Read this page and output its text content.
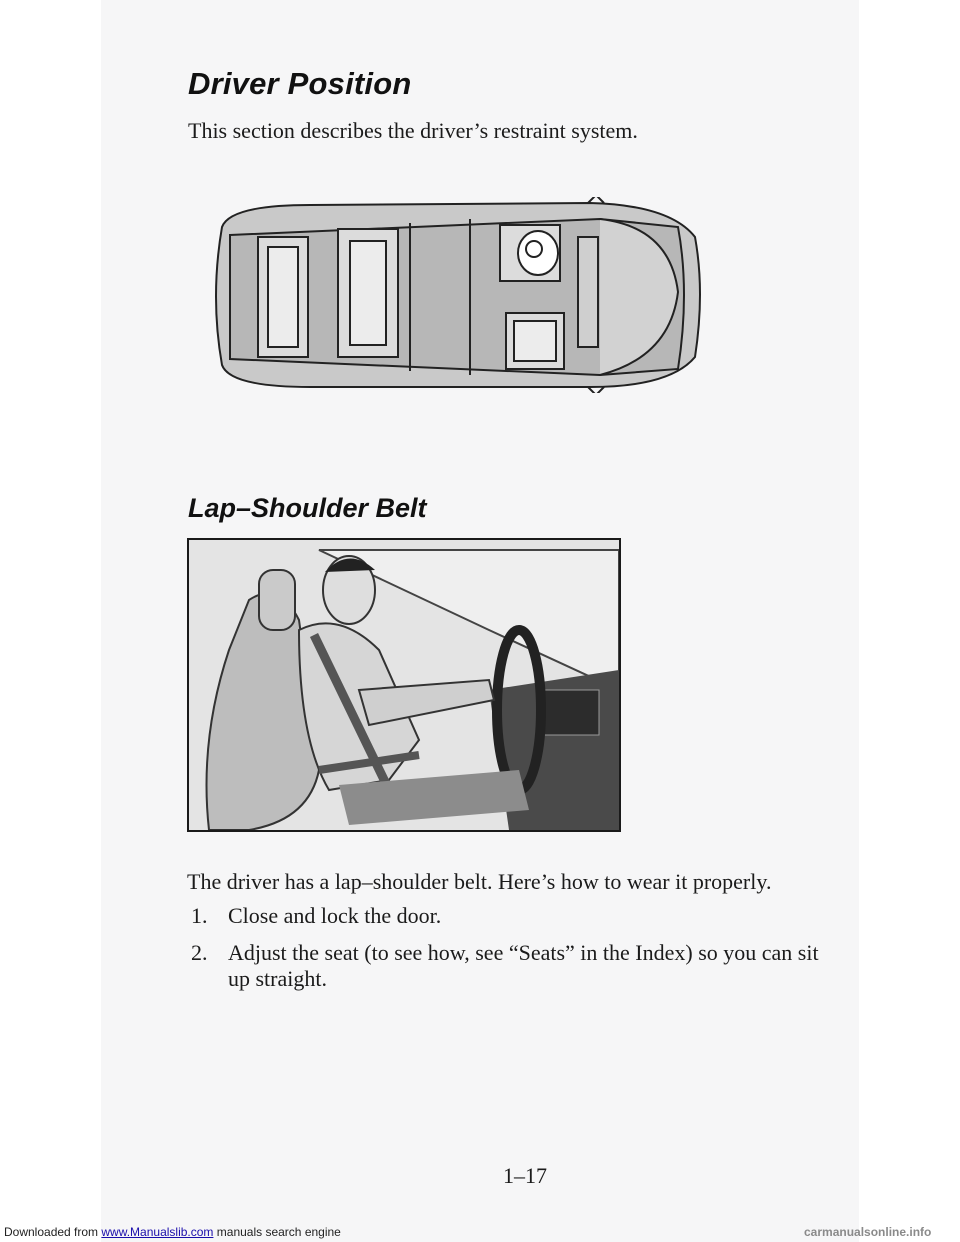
Driver Position
This section describes the driver’s restraint system.
Lap–Shoulder Belt
The driver has a lap–shoulder belt. Here’s how to wear it properly.
1. Close and lock the door.
2. Adjust the seat (to see how, see “Seats” in the Index) so you can sit up straight.
1–17
Downloaded from www.Manualslib.com manuals search engine	carmanualsonline.info
